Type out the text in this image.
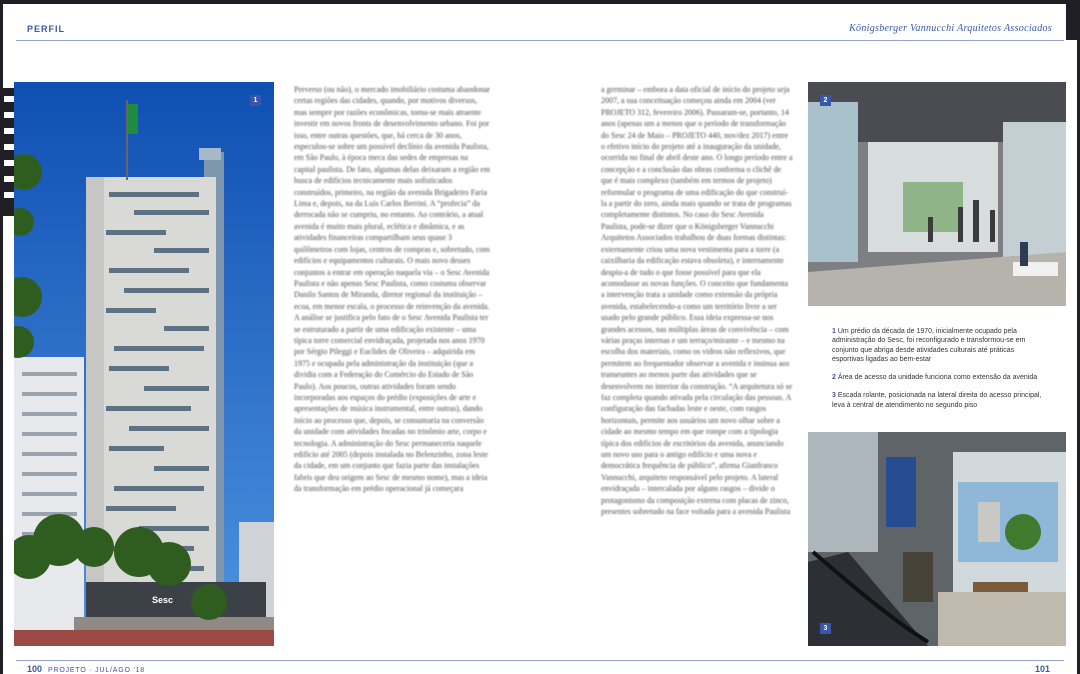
PERFIL	Königsberger Vannucchi Arquitetos Associados
Sesc
1
Perverso (ou não), o mercado imobiliário costuma abandonar certas regiões das cidades, quando, por motivos diversos, mas sempre por razões econômicas, torna-se mais atraente investir em novos fronts de desenvolvimento urbano. Foi por isso, entre outras questões, que, há cerca de 30 anos, especulou-se sobre um possível declínio da avenida Paulista, em São Paulo, à época meca das sedes de empresas na capital paulista. De fato, algumas delas deixaram a região em busca de edifícios tecnicamente mais sofisticados construídos, primeiro, na região da avenida Brigadeiro Faria Lima e, depois, na da Luís Carlos Berrini. A “profecia” da derrocada não se cumpriu, no entanto. Ao contrário, a atual avenida é muito mais plural, eclética e dinâmica, e as atividades financeiras compartilham seus quase 3 quilômetros com lojas, centros de compras e, sobretudo, com edifícios e equipamentos culturais. O mais novo desses conjuntos a entrar em operação naquela via – o Sesc Avenida Paulista e não apenas Sesc Paulista, como costuma observar Danilo Santos de Miranda, diretor regional da instituição – ecoa, em menor escala, o processo de reinvenção da avenida. A análise se justifica pelo fato de o Sesc Avenida Paulista ter se estruturado a partir de uma edificação existente – uma típica torre comercial envidraçada, projetada nos anos 1970 por Sérgio Pileggi e Euclides de Oliveira – adquirida em 1975 e ocupada pela administração da instituição (que a dividia com a Federação do Comércio do Estado de São Paulo). Aos poucos, outras atividades foram sendo incorporadas aos espaços do prédio (exposições de arte e apresentações de música instrumental, entre outras), dando início ao processo que, depois, se consumaria na conversão da unidade com atividades focadas no trinômio arte, corpo e tecnologia. A administração do Sesc permaneceria naquele edifício até 2005 (depois instalada no Belenzinho, zona leste da cidade, em um conjunto que fazia parte das instalações fabris que deu origem ao Sesc de mesmo nome), mas a ideia da transformação em prédio operacional já começara
a germinar – embora a data oficial de início do projeto seja 2007, a sua conceituação começou ainda em 2004 (ver PROJETO 312, fevereiro 2006). Passaram-se, portanto, 14 anos (apenas um a menos que o período de transformação do Sesc 24 de Maio – PROJETO 440, nov/dez 2017) entre o efetivo início do projeto até a inauguração da unidade, ocorrida no final de abril deste ano. O longo período entre a concepção e a conclusão das obras conforma o clichê de que é mais complexo (também em termos de projeto) reformular o programa de uma edificação do que construí-la a partir do zero, ainda mais quando se trata de programas completamente distintos. No caso do Sesc Avenida Paulista, pode-se dizer que o Königsberger Vannucchi Arquitetos Associados trabalhou de duas formas distintas: externamente criou uma nova vestimenta para a torre (a caixilharia da edificação estava obsoleta), e internamente despiu-a de tudo o que fosse possível para que ela acomodasse as novas funções. O conceito que fundamenta a intervenção trata a unidade como extensão da própria avenida, estabelecendo-a como um território livre a ser usado pelo grande público. Essa ideia expressa-se nos grandes acessos, nas múltiplas áreas de convivência – com várias praças internas e um terraço/mirante – e mesmo na escolha dos materiais, como os vidros não reflexivos, que permitem ao frequentador observar a avenida e insinua aos transeuntes ao menos parte das atividades que se desenvolvem no interior da construção. “A arquitetura só se faz completa quando ativada pela circulação das pessoas. A configuração das fachadas leste e oeste, com rasgos horizontais, permite aos usuários um novo olhar sobre a cidade ao mesmo tempo em que rompe com a tipologia típica dos edifícios de escritórios da avenida, anunciando um novo uso para o antigo edifício e uma nova e democrática frequência de público”, afirma Gianfranco Vannucchi, arquiteto responsável pelo projeto. A lateral envidraçada – intercalada por alguns rasgos – divide o protagonismo da composição externa com placas de zinco, presentes sobretudo na face voltada para a avenida Paulista
2

1 Um prédio da década de 1970, inicialmente ocupado pela administração do Sesc, foi reconfigurado e transformou-se em conjunto que abriga desde atividades culturais até práticas esportivas ligadas ao bem-estar

2 Área de acesso da unidade funciona como extensão da avenida

3 Escada rolante, posicionada na lateral direita do acesso principal, leva à central de atendimento no segundo piso

3
100 PROJETO · JUL/AGO '18	101
